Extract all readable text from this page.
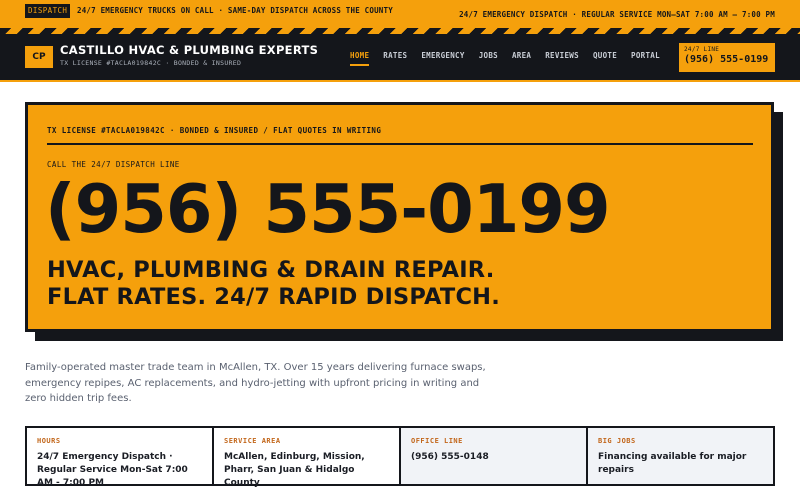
DISPATCH	24/7 EMERGENCY TRUCKS ON CALL · SAME-DAY DISPATCH ACROSS THE COUNTY	24/7 EMERGENCY DISPATCH · REGULAR SERVICE MON–SAT 7:00 AM – 7:00 PM
CP	CASTILLO HVAC & PLUMBING EXPERTS
TX LICENSE #TACLA019842C · BONDED & INSURED
HOME RATES EMERGENCY JOBS AREA REVIEWS QUOTE PORTAL
24/7 LINE
(956) 555-0199
TX LICENSE #TACLA019842C · BONDED & INSURED / FLAT QUOTES IN WRITING
CALL THE 24/7 DISPATCH LINE
(956) 555-0199
HVAC, PLUMBING & DRAIN REPAIR.
FLAT RATES. 24/7 RAPID DISPATCH.

Family-operated master trade team in McAllen, TX. Over 15 years delivering furnace swaps, emergency repipes, AC replacements, and hydro-jetting with upfront pricing in writing and zero hidden trip fees.

HOURS
24/7 Emergency Dispatch · Regular Service Mon-Sat 7:00 AM - 7:00 PM
SERVICE AREA
McAllen, Edinburg, Mission, Pharr, San Juan & Hidalgo County
OFFICE LINE
(956) 555-0148
BIG JOBS
Financing available for major repairs
